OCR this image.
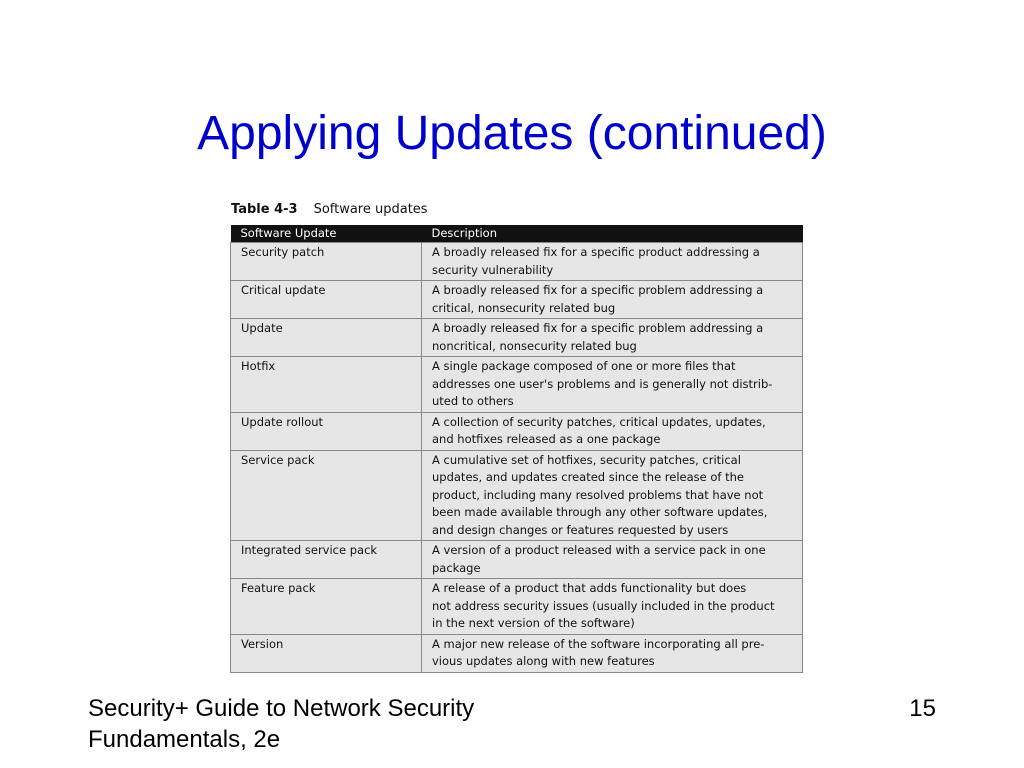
Applying Updates (continued)
Table 4-3 Software updates
Software Update	Description
Security patch	A broadly released fix for a specific product addressing a
security vulnerability

Critical update	A broadly released fix for a specific problem addressing a
critical, nonsecurity related bug

Update	A broadly released fix for a specific problem addressing a
noncritical, nonsecurity related bug

Hotfix	A single package composed of one or more files that
addresses one user's problems and is generally not distrib-
uted to others

Update rollout	A collection of security patches, critical updates, updates,
and hotfixes released as a one package

Service pack	A cumulative set of hotfixes, security patches, critical
updates, and updates created since the release of the
product, including many resolved problems that have not
been made available through any other software updates,
and design changes or features requested by users

Integrated service pack	A version of a product released with a service pack in one
package

Feature pack	A release of a product that adds functionality but does
not address security issues (usually included in the product
in the next version of the software)

Version	A major new release of the software incorporating all pre-
vious updates along with new features
Security+ Guide to Network Security
Fundamentals, 2e
15
